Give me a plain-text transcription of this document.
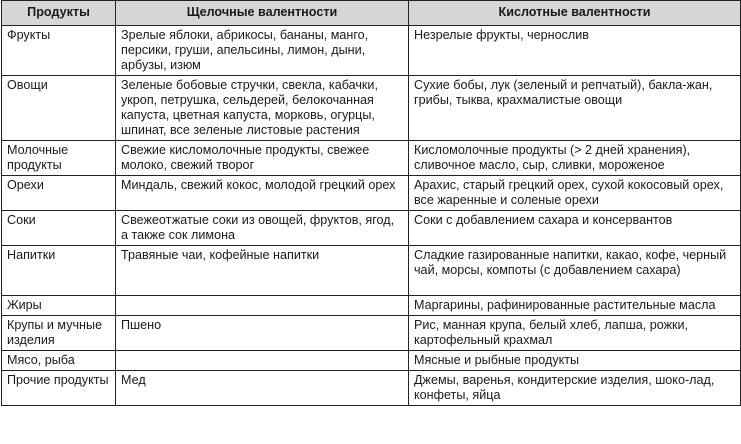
Продукты	Щелочные валентности	Кислотные валентности
Фрукты	Зрелые яблоки, абрикосы, бананы, манго, персики, груши, апельсины, лимон, дыни, арбузы, изюм	Незрелые фрукты, чернослив
Овощи	Зеленые бобовые стручки, свекла, кабачки, укроп, петрушка, сельдерей, белокочанная капуста, цветная капуста, морковь, огурцы, шпинат, все зеленые листовые растения	Сухие бобы, лук (зеленый и репчатый), бакла-жан, грибы, тыква, крахмалистые овощи
Молочные продукты	Свежие кисломолочные продукты, свежее молоко, свежий творог	Кисломолочные продукты (> 2 дней хранения), сливочное масло, сыр, сливки, мороженое
Орехи	Миндаль, свежий кокос, молодой грецкий орех	Арахис, старый грецкий орех, сухой кокосовый орех, все жаренные и соленые орехи
Соки	Свежеотжатые соки из овощей, фруктов, ягод, а также сок лимона	Соки с добавлением сахара и консервантов
Напитки	Травяные чаи, кофейные напитки	Сладкие газированные напитки, какао, кофе, черный чай, морсы, компоты (с добавлением сахара)
Жиры		Маргарины, рафинированные растительные масла
Крупы и мучные изделия	Пшено	Рис, манная крупа, белый хлеб, лапша, рожки, картофельный крахмал
Мясо, рыба		Мясные и рыбные продукты
Прочие продукты	Мед	Джемы, варенья, кондитерские изделия, шоко-лад, конфеты, яйца
